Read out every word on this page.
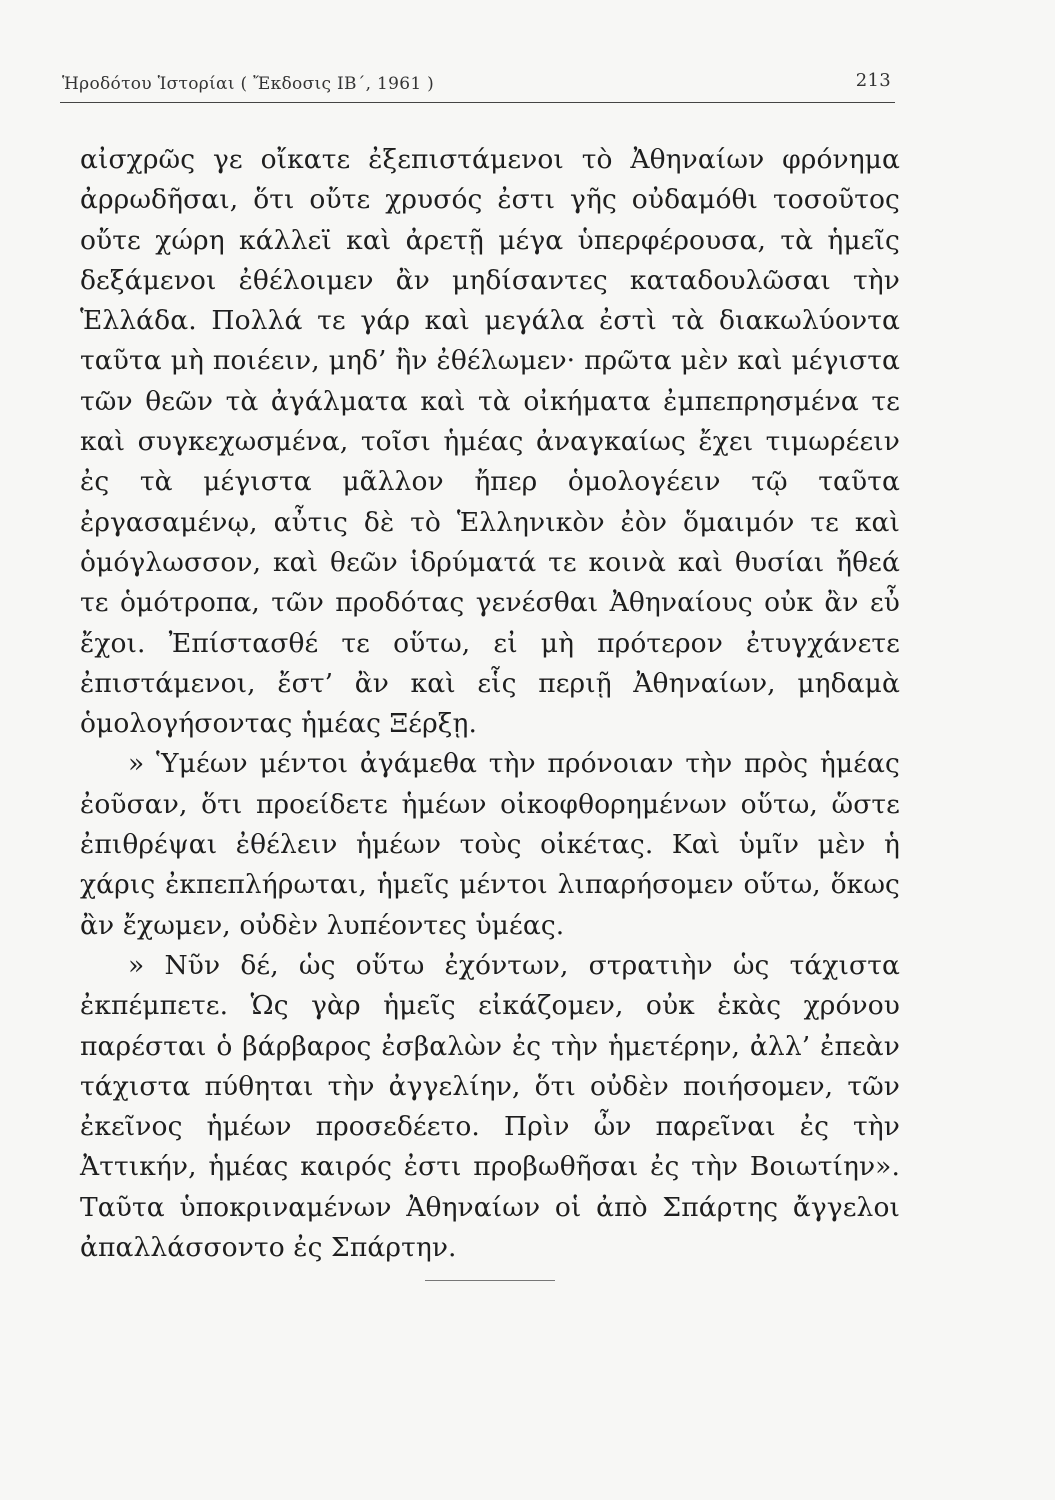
Ἡροδότου Ἱστορίαι ( Ἔκδοσις ΙΒ΄, 1961 )	213

αἰσχρῶς γε οἴκατε ἐξεπιστάμενοι τὸ Ἀθηναίων φρόνημα ἀρρωδῆσαι, ὅτι οὔτε χρυσός ἐστι γῆς οὐδαμόθι τοσοῦτος οὔτε χώρη κάλλεϊ καὶ ἀρετῇ μέγα ὑπερφέρουσα, τὰ ἡμεῖς δεξάμενοι ἐθέλοιμεν ἂν μηδίσαντες καταδουλῶσαι τὴν Ἑλλάδα. Πολλά τε γάρ καὶ μεγάλα ἐστὶ τὰ διακωλύοντα ταῦτα μὴ ποιέειν, μηδ’ ἢν ἐθέλωμεν· πρῶτα μὲν καὶ μέγιστα τῶν θεῶν τὰ ἀγάλματα καὶ τὰ οἰκήματα ἐμπεπρησμένα τε καὶ συγκεχωσμένα, τοῖσι ἡμέας ἀναγκαίως ἔχει τιμωρέειν ἐς τὰ μέγιστα μᾶλλον ἤπερ ὁμολογέειν τῷ ταῦτα ἐργασαμένῳ, αὖτις δὲ τὸ Ἑλληνικὸν ἐὸν ὅμαιμόν τε καὶ ὁμόγλωσσον, καὶ θεῶν ἱδρύματά τε κοινὰ καὶ θυσίαι ἤθεά τε ὁμότροπα, τῶν προδότας γενέσθαι Ἀθηναίους οὐκ ἂν εὖ ἔχοι. Ἐπίστασθέ τε οὕτω, εἰ μὴ πρότερον ἐτυγχάνετε ἐπιστάμενοι, ἔστ’ ἂν καὶ εἷς περιῇ Ἀθηναίων, μηδαμὰ ὁμολογήσοντας ἡμέας Ξέρξῃ.

» Ὑμέων μέντοι ἀγάμεθα τὴν πρόνοιαν τὴν πρὸς ἡμέας ἐοῦσαν, ὅτι προείδετε ἡμέων οἰκοφθορημένων οὕτω, ὥστε ἐπιθρέψαι ἐθέλειν ἡμέων τοὺς οἰκέτας. Καὶ ὑμῖν μὲν ἡ χάρις ἐκπεπλήρωται, ἡμεῖς μέντοι λιπαρήσομεν οὕτω, ὅκως ἂν ἔχωμεν, οὐδὲν λυπέοντες ὑμέας.

» Νῦν δέ, ὡς οὕτω ἐχόντων, στρατιὴν ὡς τάχιστα ἐκπέμπετε. Ὡς γὰρ ἡμεῖς εἰκάζομεν, οὐκ ἑκὰς χρόνου παρέσται ὁ βάρβαρος ἐσβαλὼν ἐς τὴν ἡμετέρην, ἀλλ’ ἐπεὰν τάχιστα πύθηται τὴν ἀγγελίην, ὅτι οὐδὲν ποιήσομεν, τῶν ἐκεῖνος ἡμέων προσεδέετο. Πρὶν ὦν παρεῖναι ἐς τὴν Ἀττικήν, ἡμέας καιρός ἐστι προβωθῆσαι ἐς τὴν Βοιωτίην». Ταῦτα ὑποκριναμένων Ἀθηναίων οἱ ἀπὸ Σπάρτης ἄγγελοι ἀπαλλάσσοντο ἐς Σπάρτην.
